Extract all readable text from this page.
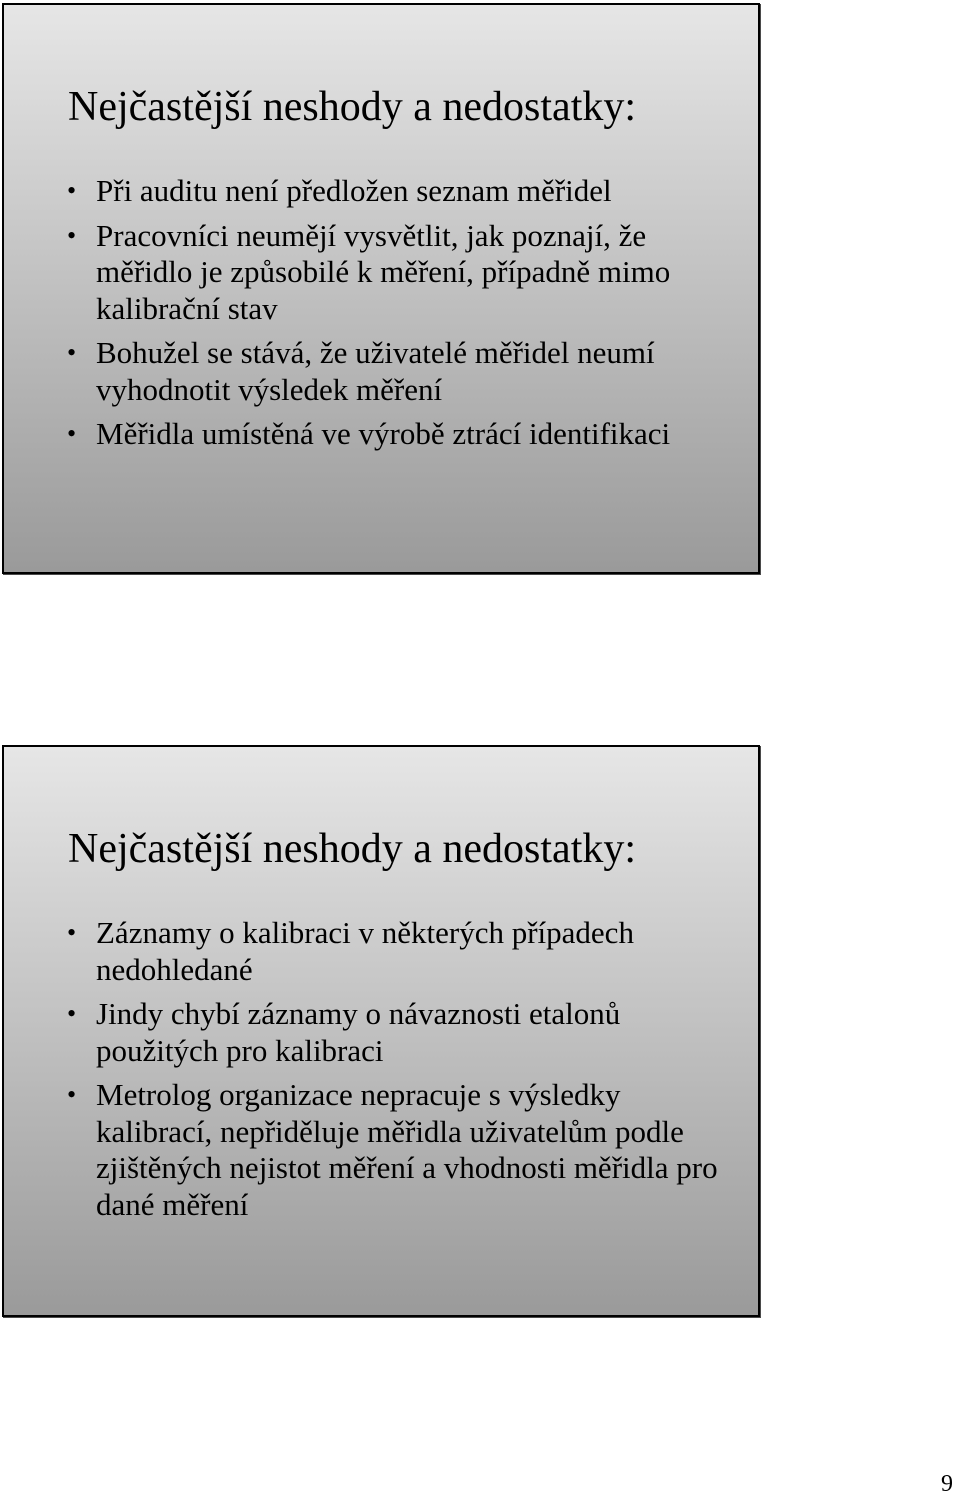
Nejčastější neshody a nedostatky:
• Při auditu není předložen seznam měřidel
• Pracovníci neumějí vysvětlit, jak poznají, že měřidlo je způsobilé k měření, případně mimo kalibrační stav
• Bohužel se stává, že uživatelé měřidel neumí vyhodnotit výsledek měření
• Měřidla umístěná ve výrobě ztrácí identifikaci
Nejčastější neshody a nedostatky:
• Záznamy o kalibraci v některých případech nedohledané
• Jindy chybí záznamy o návaznosti etalonů použitých pro kalibraci
• Metrolog organizace nepracuje s výsledky kalibrací, nepřiděluje měřidla uživatelům podle zjištěných nejistot měření a vhodnosti měřidla pro dané měření
9
